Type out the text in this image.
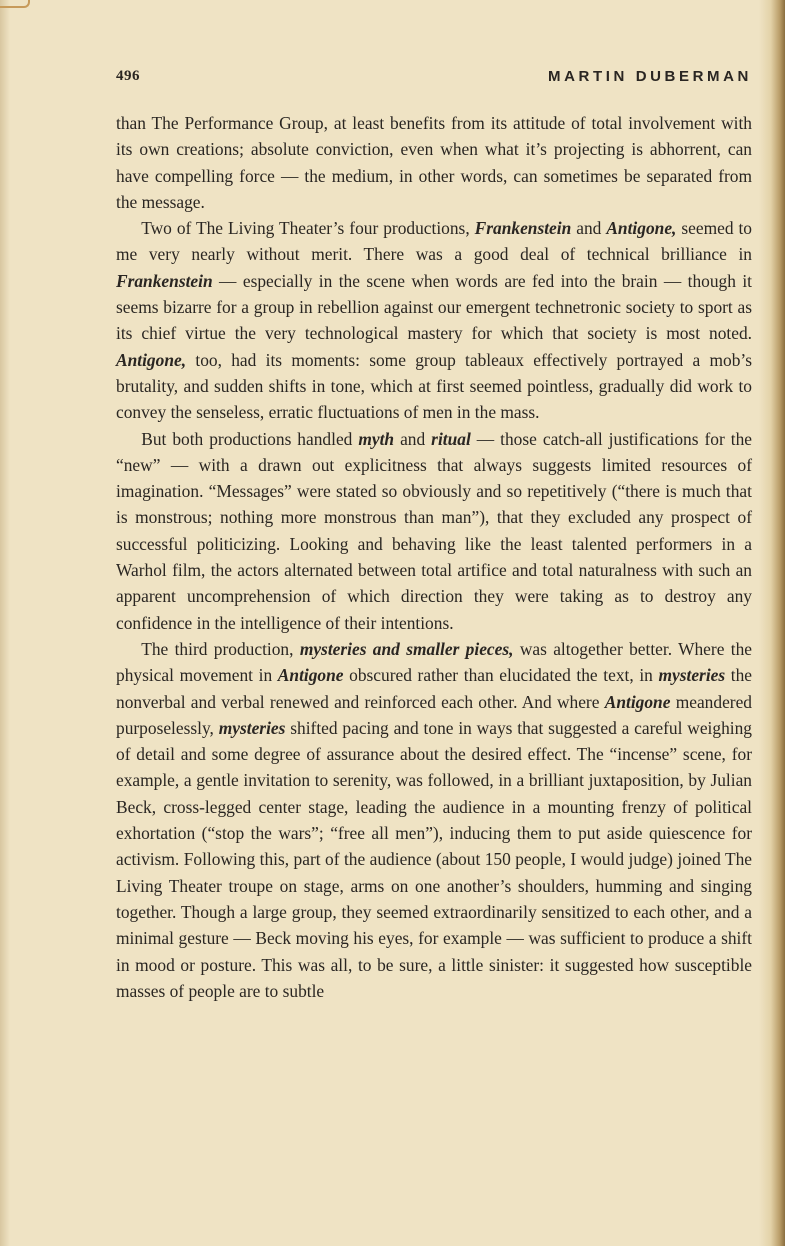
496	MARTIN DUBERMAN

than The Performance Group, at least benefits from its attitude of total involvement with its own creations; absolute conviction, even when what it’s projecting is abhorrent, can have compelling force — the medium, in other words, can sometimes be separated from the message.

Two of The Living Theater’s four productions, Frankenstein and Antigone, seemed to me very nearly without merit. There was a good deal of technical brilliance in Frankenstein — especially in the scene when words are fed into the brain — though it seems bizarre for a group in rebellion against our emergent technetronic society to sport as its chief virtue the very technological mastery for which that society is most noted. Antigone, too, had its moments: some group tableaux effectively portrayed a mob’s brutality, and sudden shifts in tone, which at first seemed pointless, gradually did work to convey the senseless, erratic fluctuations of men in the mass.

But both productions handled myth and ritual — those catch-all justifications for the “new” — with a drawn out explicitness that always suggests limited resources of imagination. “Messages” were stated so obviously and so repetitively (“there is much that is monstrous; nothing more monstrous than man”), that they excluded any prospect of successful politicizing. Looking and behaving like the least talented performers in a Warhol film, the actors alternated between total artifice and total naturalness with such an apparent uncomprehension of which direction they were taking as to destroy any confidence in the intelligence of their intentions.

The third production, mysteries and smaller pieces, was altogether better. Where the physical movement in Antigone obscured rather than elucidated the text, in mysteries the nonverbal and verbal renewed and reinforced each other. And where Antigone meandered purposelessly, mysteries shifted pacing and tone in ways that suggested a careful weighing of detail and some degree of assurance about the desired effect. The “incense” scene, for example, a gentle invitation to serenity, was followed, in a brilliant juxtaposition, by Julian Beck, cross-legged center stage, leading the audience in a mounting frenzy of political exhortation (“stop the wars”; “free all men”), inducing them to put aside quiescence for activism. Following this, part of the audience (about 150 people, I would judge) joined The Living Theater troupe on stage, arms on one another’s shoulders, humming and singing together. Though a large group, they seemed extraordinarily sensitized to each other, and a minimal gesture — Beck moving his eyes, for example — was sufficient to produce a shift in mood or posture. This was all, to be sure, a little sinister: it suggested how susceptible masses of people are to subtle
